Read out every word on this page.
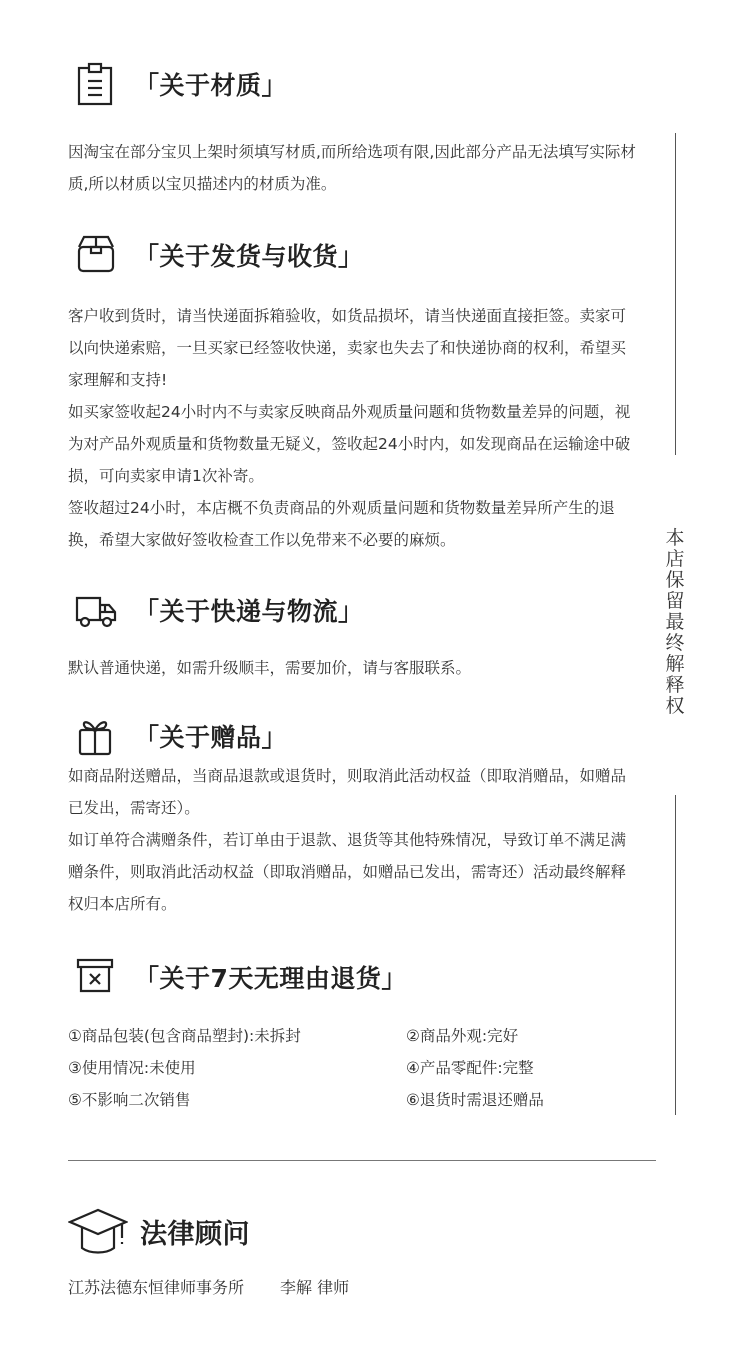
本店保留最终解释权
「关于材质」

因淘宝在部分宝贝上架时须填写材质,而所给选项有限,因此部分产品无法填写实际材质,所以材质以宝贝描述内的材质为准。

「关于发货与收货」

客户收到货时，请当快递面拆箱验收，如货品损坏，请当快递面直接拒签。卖家可以向快递索赔，一旦买家已经签收快递，卖家也失去了和快递协商的权利，希望买家理解和支持!

如买家签收起24小时内不与卖家反映商品外观质量问题和货物数量差异的问题，视为对产品外观质量和货物数量无疑义，签收起24小时内，如发现商品在运输途中破损，可向卖家申请1次补寄。

签收超过24小时，本店概不负责商品的外观质量问题和货物数量差异所产生的退换，希望大家做好签收检查工作以免带来不必要的麻烦。

「关于快递与物流」

默认普通快递，如需升级顺丰，需要加价，请与客服联系。

「关于赠品」

如商品附送赠品，当商品退款或退货时，则取消此活动权益（即取消赠品，如赠品已发出，需寄还）。

如订单符合满赠条件，若订单由于退款、退货等其他特殊情况，导致订单不满足满赠条件，则取消此活动权益（即取消赠品，如赠品已发出，需寄还）活动最终解释权归本店所有。

「关于7天无理由退货」
①商品包装(包含商品塑封):未拆封	②商品外观:完好
③使用情况:未使用	④产品零配件:完整
⑤不影响二次销售	⑥退货时需退还赠品
法律顾问
江苏法德东恒律师事务所 李解 律师
